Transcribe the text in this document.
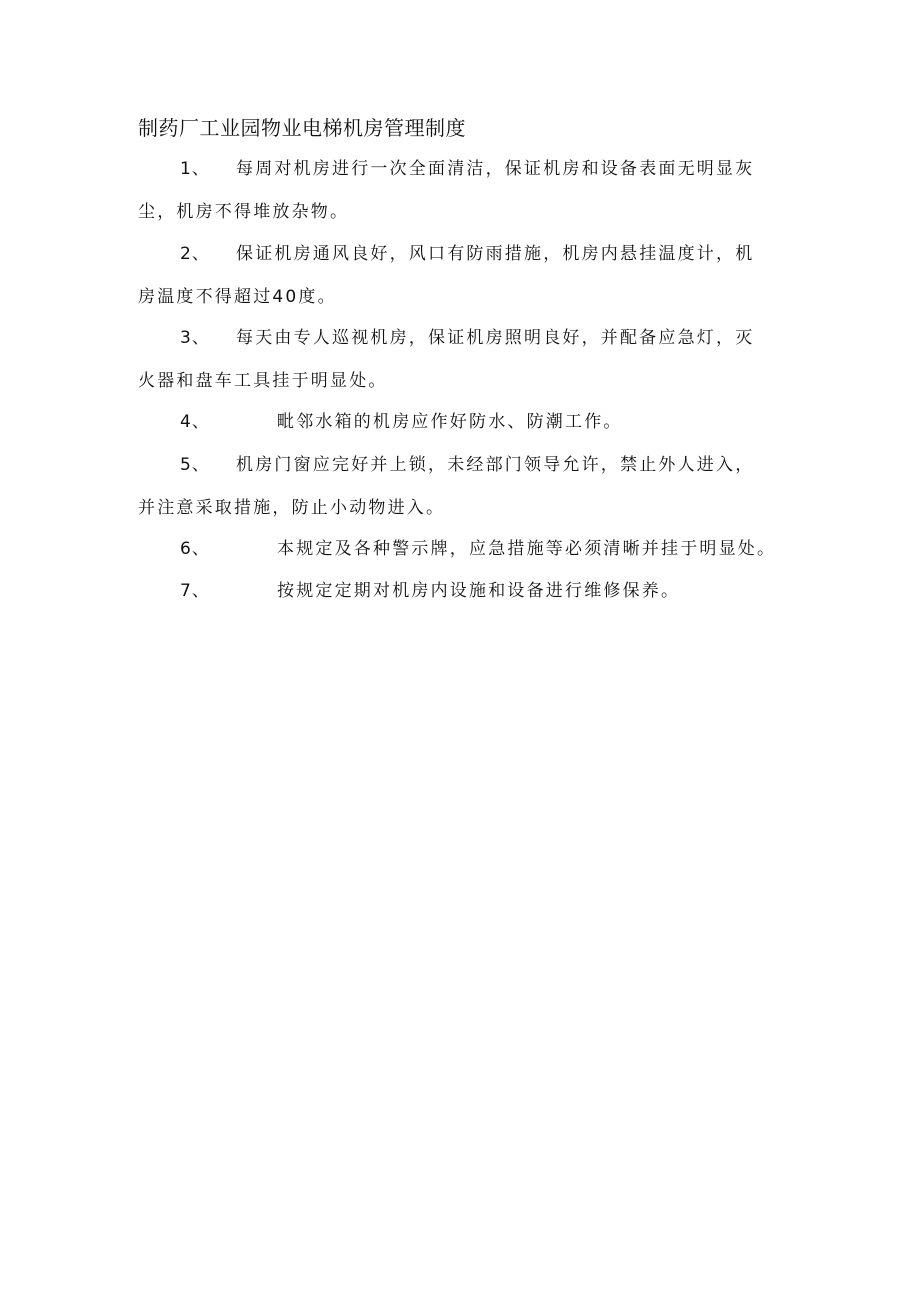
制药厂工业园物业电梯机房管理制度
1、 每周对机房进行一次全面清洁，保证机房和设备表面无明显灰
尘，机房不得堆放杂物。
2、 保证机房通风良好，风口有防雨措施，机房内悬挂温度计，机
房温度不得超过40度。
3、 每天由专人巡视机房，保证机房照明良好，并配备应急灯，灭
火器和盘车工具挂于明显处。
4、	毗邻水箱的机房应作好防水、防潮工作。
5、 机房门窗应完好并上锁，未经部门领导允许，禁止外人进入，
并注意采取措施，防止小动物进入。
6、	本规定及各种警示牌，应急措施等必须清晰并挂于明显处。
7、	按规定定期对机房内设施和设备进行维修保养。
